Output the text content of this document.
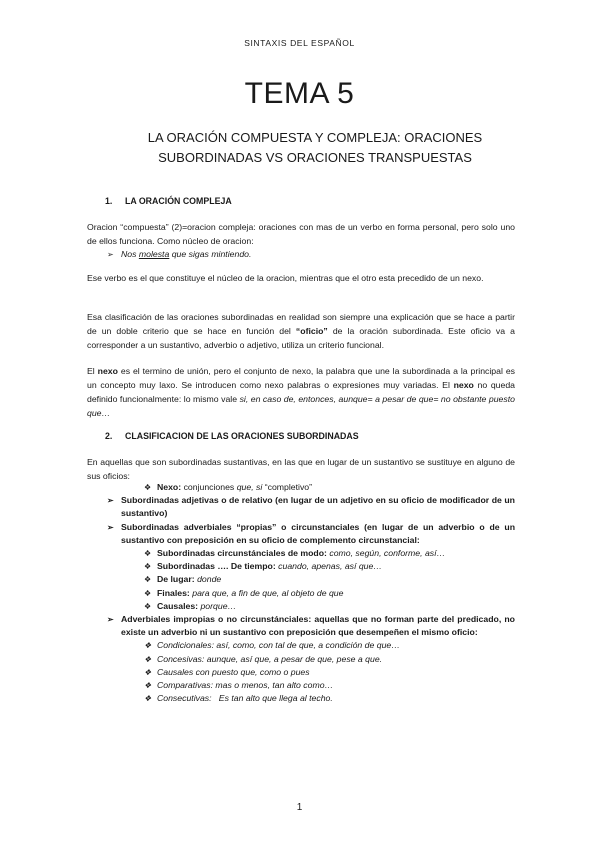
SINTAXIS DEL ESPAÑOL
TEMA 5
LA ORACIÓN COMPUESTA Y COMPLEJA: ORACIONES
SUBORDINADAS VS ORACIONES TRANSPUESTAS
1. LA ORACIÓN COMPLEJA

Oracion “compuesta” (2)=oracion compleja: oraciones con mas de un verbo en forma personal, pero solo uno de ellos funciona. Como núcleo de oracion:

➢ Nos molesta que sigas mintiendo.

Ese verbo es el que constituye el núcleo de la oracion, mientras que el otro esta precedido de un nexo.

Esa clasificación de las oraciones subordinadas en realidad son siempre una explicación que se hace a partir de un doble criterio que se hace en función del “oficio” de la oración subordinada. Este oficio va a corresponder a un sustantivo, adverbio o adjetivo, utiliza un criterio funcional.

El nexo es el termino de unión, pero el conjunto de nexo, la palabra que une la subordinada a la principal es un concepto muy laxo. Se introducen como nexo palabras o expresiones muy variadas. El nexo no queda definido funcionalmente: lo mismo vale si, en caso de, entonces, aunque= a pesar de que= no obstante puesto que…

2. CLASIFICACION DE LAS ORACIONES SUBORDINADAS

En aquellas que son subordinadas sustantivas, en las que en lugar de un sustantivo se sustituye en alguno de sus oficios:

❖ Nexo: conjunciones que, si “completivo”
➢ Subordinadas adjetivas o de relativo (en lugar de un adjetivo en su oficio de modificador de un sustantivo)
➢ Subordinadas adverbiales “propias” o circunstanciales (en lugar de un adverbio o de un sustantivo con preposición en su oficio de complemento circunstancial:
❖ Subordinadas circunstánciales de modo: como, según, conforme, así…
❖ Subordinadas …. De tiempo: cuando, apenas, así que…
❖ De lugar: donde
❖ Finales: para que, a fin de que, al objeto de que
❖ Causales: porque…
➢ Adverbiales impropias o no circunstánciales: aquellas que no forman parte del predicado, no existe un adverbio ni un sustantivo con preposición que desempeñen el mismo oficio:
❖ Condicionales: así, como, con tal de que, a condición de que…
❖ Concesivas: aunque, así que, a pesar de que, pese a que.
❖ Causales con puesto que, como o pues
❖ Comparativas: mas o menos, tan alto como…
❖ Consecutivas:   Es tan alto que llega al techo.
1
